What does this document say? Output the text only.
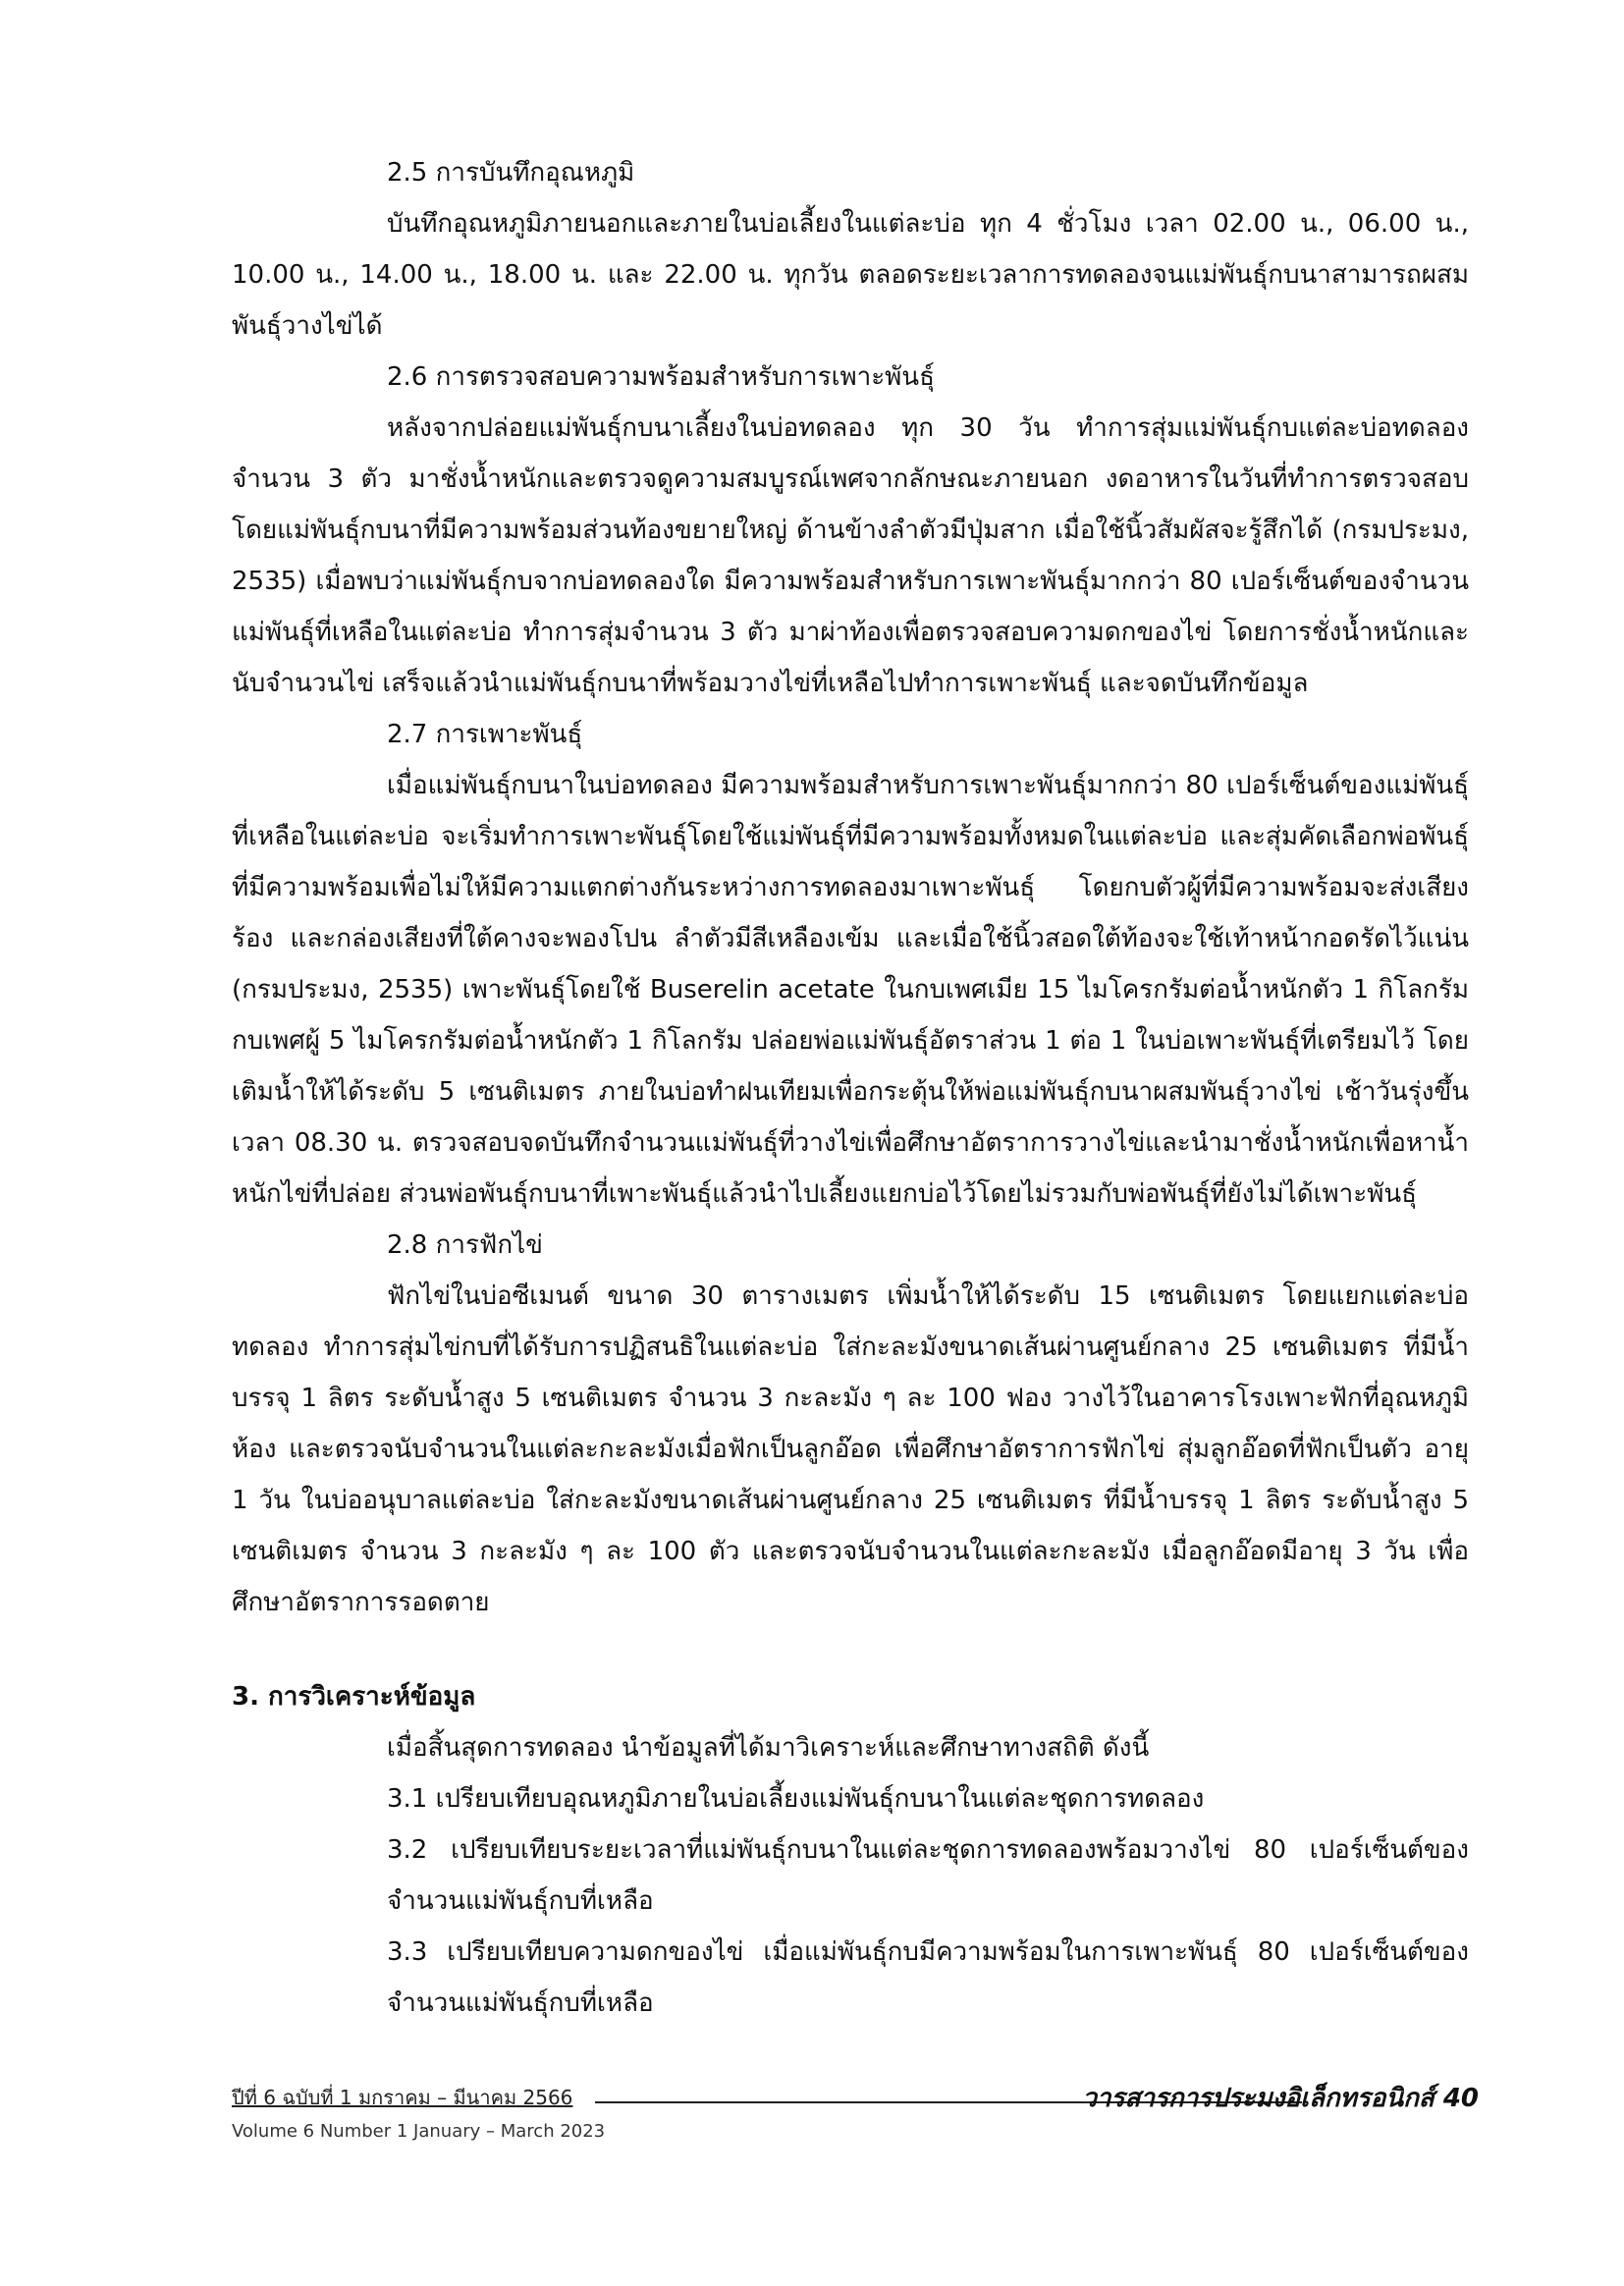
2.5 การบันทึกอุณหภูมิ

บันทึกอุณหภูมิภายนอกและภายในบ่อเลี้ยงในแต่ละบ่อ ทุก 4 ชั่วโมง เวลา 02.00 น., 06.00 น., 10.00 น., 14.00 น., 18.00 น. และ 22.00 น. ทุกวัน ตลอดระยะเวลาการทดลองจนแม่พันธุ์กบนาสามารถผสมพันธุ์วางไข่ได้

2.6 การตรวจสอบความพร้อมสำหรับการเพาะพันธุ์

หลังจากปล่อยแม่พันธุ์กบนาเลี้ยงในบ่อทดลอง ทุก 30 วัน ทำการสุ่มแม่พันธุ์กบแต่ละบ่อทดลองจำนวน 3 ตัว มาชั่งน้ำหนักและตรวจดูความสมบูรณ์เพศจากลักษณะภายนอก งดอาหารในวันที่ทำการตรวจสอบ โดยแม่พันธุ์กบนาที่มีความพร้อมส่วนท้องขยายใหญ่ ด้านข้างลำตัวมีปุ่มสาก เมื่อใช้นิ้วสัมผัสจะรู้สึกได้ (กรมประมง, 2535) เมื่อพบว่าแม่พันธุ์กบจากบ่อทดลองใด มีความพร้อมสำหรับการเพาะพันธุ์มากกว่า 80 เปอร์เซ็นต์ของจำนวนแม่พันธุ์ที่เหลือในแต่ละบ่อ ทำการสุ่มจำนวน 3 ตัว มาผ่าท้องเพื่อตรวจสอบความดกของไข่ โดยการชั่งน้ำหนักและนับจำนวนไข่ เสร็จแล้วนำแม่พันธุ์กบนาที่พร้อมวางไข่ที่เหลือไปทำการเพาะพันธุ์ และจดบันทึกข้อมูล

2.7 การเพาะพันธุ์

เมื่อแม่พันธุ์กบนาในบ่อทดลอง มีความพร้อมสำหรับการเพาะพันธุ์มากกว่า 80 เปอร์เซ็นต์ของแม่พันธุ์ที่เหลือในแต่ละบ่อ จะเริ่มทำการเพาะพันธุ์โดยใช้แม่พันธุ์ที่มีความพร้อมทั้งหมดในแต่ละบ่อ และสุ่มคัดเลือกพ่อพันธุ์ที่มีความพร้อมเพื่อไม่ให้มีความแตกต่างกันระหว่างการทดลองมาเพาะพันธุ์ โดยกบตัวผู้ที่มีความพร้อมจะส่งเสียงร้อง และกล่องเสียงที่ใต้คางจะพองโปน ลำตัวมีสีเหลืองเข้ม และเมื่อใช้นิ้วสอดใต้ท้องจะใช้เท้าหน้ากอดรัดไว้แน่น (กรมประมง, 2535) เพาะพันธุ์โดยใช้ Buserelin acetate ในกบเพศเมีย 15 ไมโครกรัมต่อน้ำหนักตัว 1 กิโลกรัม กบเพศผู้ 5 ไมโครกรัมต่อน้ำหนักตัว 1 กิโลกรัม ปล่อยพ่อแม่พันธุ์อัตราส่วน 1 ต่อ 1 ในบ่อเพาะพันธุ์ที่เตรียมไว้ โดยเติมน้ำให้ได้ระดับ 5 เซนติเมตร ภายในบ่อทำฝนเทียมเพื่อกระตุ้นให้พ่อแม่พันธุ์กบนาผสมพันธุ์วางไข่ เช้าวันรุ่งขึ้น เวลา 08.30 น. ตรวจสอบจดบันทึกจำนวนแม่พันธุ์ที่วางไข่เพื่อศึกษาอัตราการวางไข่และนำมาชั่งน้ำหนักเพื่อหาน้ำหนักไข่ที่ปล่อย ส่วนพ่อพันธุ์กบนาที่เพาะพันธุ์แล้วนำไปเลี้ยงแยกบ่อไว้โดยไม่รวมกับพ่อพันธุ์ที่ยังไม่ได้เพาะพันธุ์

2.8 การฟักไข่

ฟักไข่ในบ่อซีเมนต์ ขนาด 30 ตารางเมตร เพิ่มน้ำให้ได้ระดับ 15 เซนติเมตร โดยแยกแต่ละบ่อทดลอง ทำการสุ่มไข่กบที่ได้รับการปฏิสนธิในแต่ละบ่อ ใส่กะละมังขนาดเส้นผ่านศูนย์กลาง 25 เซนติเมตร ที่มีน้ำบรรจุ 1 ลิตร ระดับน้ำสูง 5 เซนติเมตร จำนวน 3 กะละมัง ๆ ละ 100 ฟอง วางไว้ในอาคารโรงเพาะฟักที่อุณหภูมิห้อง และตรวจนับจำนวนในแต่ละกะละมังเมื่อฟักเป็นลูกอ๊อด เพื่อศึกษาอัตราการฟักไข่ สุ่มลูกอ๊อดที่ฟักเป็นตัว อายุ 1 วัน ในบ่ออนุบาลแต่ละบ่อ ใส่กะละมังขนาดเส้นผ่านศูนย์กลาง 25 เซนติเมตร ที่มีน้ำบรรจุ 1 ลิตร ระดับน้ำสูง 5 เซนติเมตร จำนวน 3 กะละมัง ๆ ละ 100 ตัว และตรวจนับจำนวนในแต่ละกะละมัง เมื่อลูกอ๊อดมีอายุ 3 วัน เพื่อศึกษาอัตราการรอดตาย

3. การวิเคราะห์ข้อมูล

เมื่อสิ้นสุดการทดลอง นำข้อมูลที่ได้มาวิเคราะห์และศึกษาทางสถิติ ดังนี้

3.1 เปรียบเทียบอุณหภูมิภายในบ่อเลี้ยงแม่พันธุ์กบนาในแต่ละชุดการทดลอง

3.2 เปรียบเทียบระยะเวลาที่แม่พันธุ์กบนาในแต่ละชุดการทดลองพร้อมวางไข่ 80 เปอร์เซ็นต์ของจำนวนแม่พันธุ์กบที่เหลือ

3.3 เปรียบเทียบความดกของไข่ เมื่อแม่พันธุ์กบมีความพร้อมในการเพาะพันธุ์ 80 เปอร์เซ็นต์ของจำนวนแม่พันธุ์กบที่เหลือ

ปีที่ 6 ฉบับที่ 1 มกราคม – มีนาคม 2566	วารสารการประมงอิเล็กทรอนิกส์ 40
Volume 6 Number 1 January – March 2023
